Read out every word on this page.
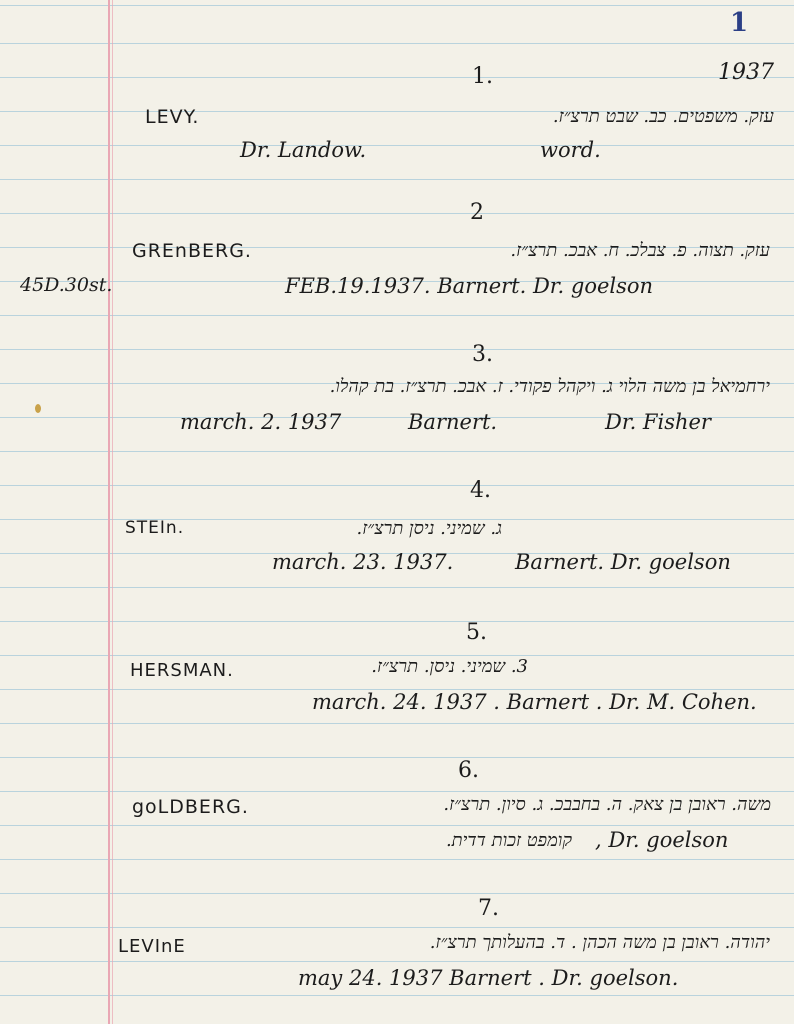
1
1937
1.
LEVY.	עזק. משפטים. כב. שבט תרצ״ז.
Dr. Landow.	word.
2
GREnBERG.	עזק. תצוה. פ. צבלכ. ח. אבכ. תרצ״ז.
45D.30st.	FEB.19.1937. Barnert. Dr. goelson
3.
ירחמיאל בן משה הלוי ג. ויקהל פקודי. ז. אבכ. תרצ״ז. בת קהלו.
march. 2. 1937	Barnert.	Dr. Fisher
4.
STEIn.	ג. שמיני. ניסן תרצ״ז.
march. 23. 1937.	Barnert. Dr. goelson
5.
HERSMAN.	3. שמיני. ניסן. תרצ״ז.
march. 24. 1937 . Barnert . Dr. M. Cohen.
6.
goLDBERG.	משה. ראובן בן צאק. ה. בחבבכ. ג. סיון. תרצ״ז.
קומפט זכות דדית. , Dr. goelson
7.
LEVInE	יהודה. ראובן בן משה הכהן . ד. בהעלותך תרצ״ז.
may 24. 1937 Barnert . Dr. goelson.
